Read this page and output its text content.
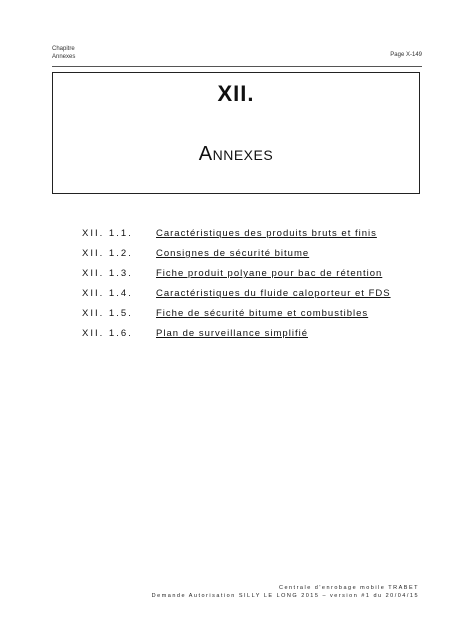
Chapitre
Annexes	Page X-149
XII.
Annexes
XII. 1.1.	Caractéristiques des produits bruts et finis
XII. 1.2.	Consignes de sécurité bitume
XII. 1.3.	Fiche produit polyane pour bac de rétention
XII. 1.4.	Caractéristiques du fluide caloporteur et FDS
XII. 1.5.	Fiche de sécurité bitume et combustibles
XII. 1.6.	Plan de surveillance simplifié
Centrale d'enrobage mobile TRABET
Demande Autorisation SILLY LE LONG 2015 – version #1 du 20/04/15
